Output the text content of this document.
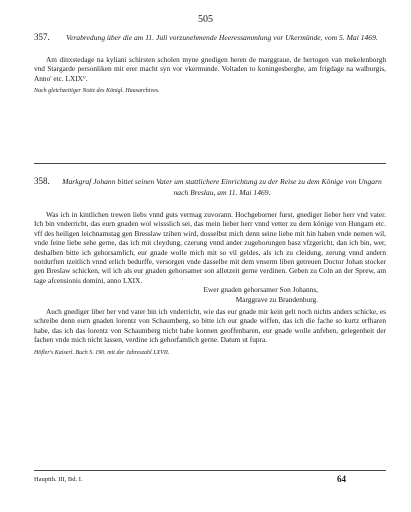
505
357.	Verabredung über die am 11. Juli vorzunehmende Heeressammlung vor Ukermünde, vom 5. Mai 1469.
Am dinxstedage na kyliani schirsten scholen myne gnedigen heren de marggraue, de hertogen van mekelenborgh vnd Stargarde personliken mit erer macht syn vor vkermunde. Voltaden to koningesberghe, am frigdage na walburgis, Anno' etc. LXIX°.
Nach gleichzeitiger Notiz des Königl. Hausarchives.
358.	Markgraf Johann bittet seinen Vater um stattlichere Einrichtung zu der Reise zu dem Könige von Ungarn nach Breslau, am 11. Mai 1469.
Was ich in kintlichen trewen liebs vnnd guts vermag zuvorann. Hochgeborner furst, gnediger lieber herr vnd vater. Ich bin vnderricht, das eurn gnaden wol wissslich sei, das mein lieber herr vnnd vetter zu dem könige von Hungarn etc. vff des heiligen leichnamstag gen Bresslaw tzihen wird, dosselbst mich denn seine liebe mit hin haben vnde nemen wil, vnde feine liebe sehe gerne, das ich mit cleydung, czerung vnnd ander zugehorungen basz vfzgericht, dan ich bin, wer, deshalben bitte ich gehorsamlich, eur gnade wolle mich mit so vil geldes, als ich zu cleidung, zerung vnnd andern notdurften tzeitlich vnnd erlich bedurffe, versorgen vnde dasselbe mit dem vnserm liben getreuen Doctor Johan stocker gen Breslaw schicken, wil ich als eur gnaden gehorsamer son alletzeit gerne verdinen. Geben zu Coln an der Sprew, am tage afcensionis domini, anno LXIX.
Ewer gnaden gehorsamer Son Johanns,
Marggrave zu Brandenburg.
Auch gnediger liber her vnd vater bin ich vnderricht, wie das eur gnade mir kein gelt noch nichts anders schicke, es schreibe denn eurn gnaden lorentz von Schaumberg, so bitte ich eur gnade wiffen, das ich die fache so kurtz erfharen habe, das ich das lorentz von Schaumberg nicht habe konnen geoffenbaren, eur gnade wolle anfehen, gelegenheit der fachen vnde mich nicht lassen, verdine ich gehorfamlich gerne. Datum ut fupra.
Höfler's Kaiserl. Buch S. 190. mit der Jahreszahl LXVII.
Hauptth. III, Bd. I.	64
